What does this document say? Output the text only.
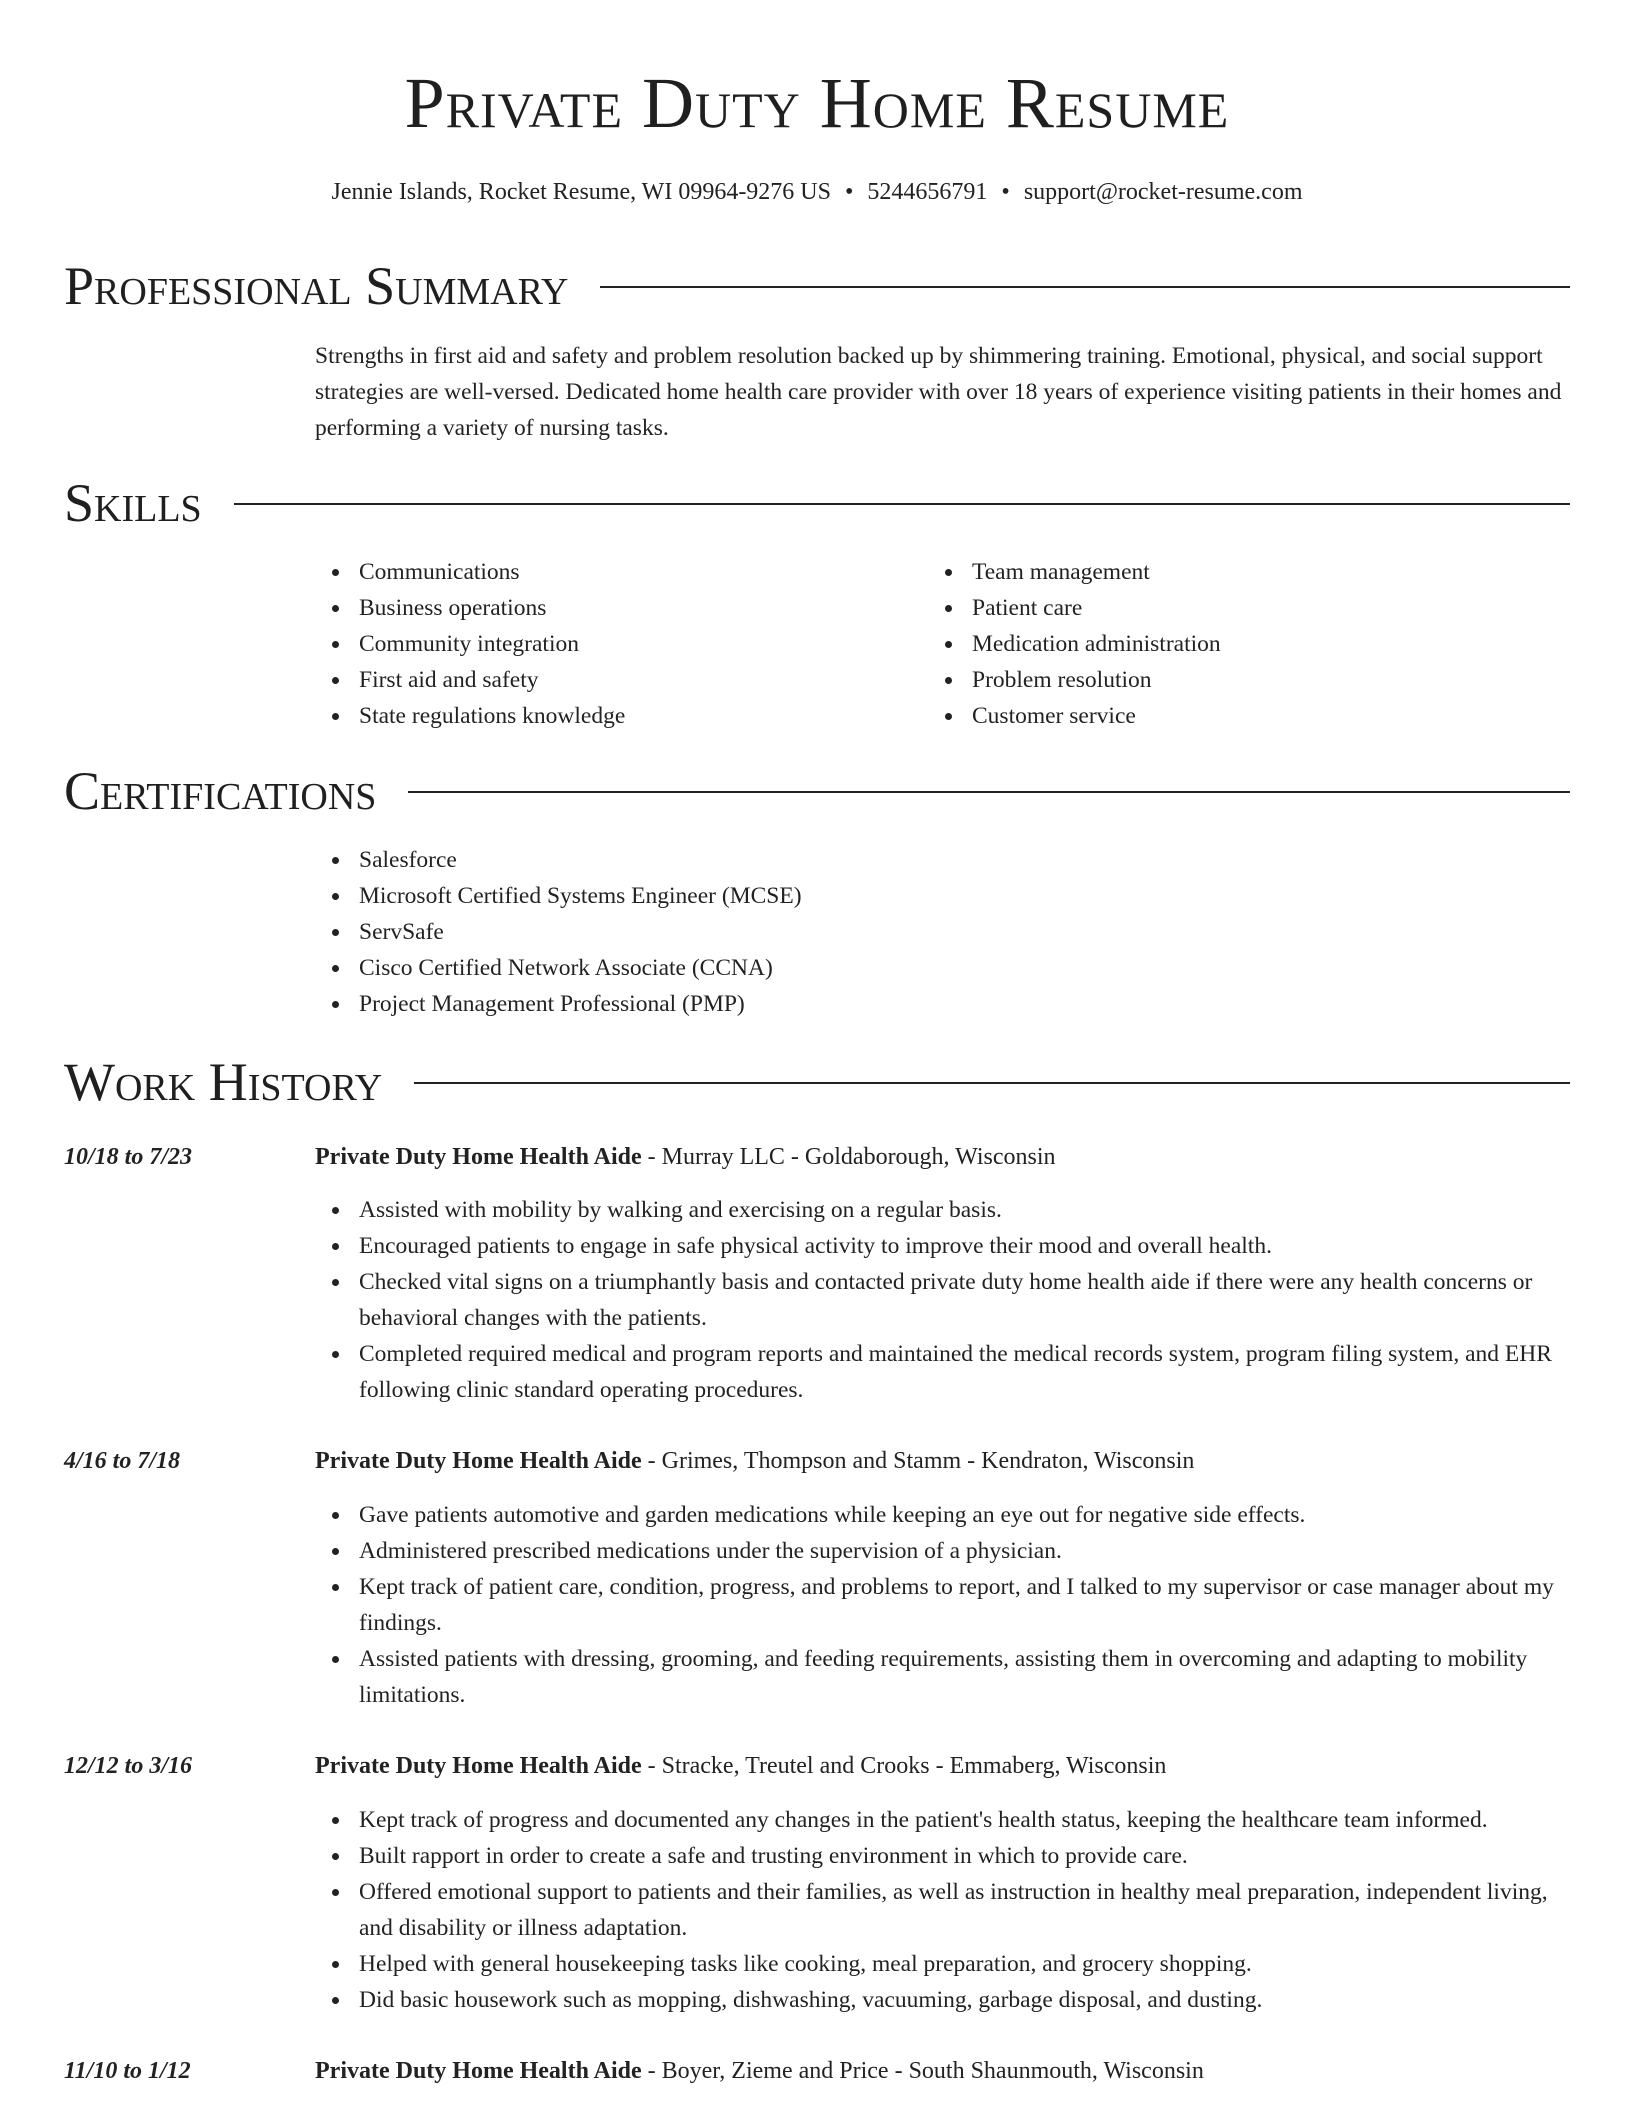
Private Duty Home Resume
Jennie Islands, Rocket Resume, WI 09964-9276 US • 5244656791 • support@rocket-resume.com
Professional Summary
Strengths in first aid and safety and problem resolution backed up by shimmering training. Emotional, physical, and social support strategies are well-versed. Dedicated home health care provider with over 18 years of experience visiting patients in their homes and performing a variety of nursing tasks.
Skills
Communications
Business operations
Community integration
First aid and safety
State regulations knowledge
Team management
Patient care
Medication administration
Problem resolution
Customer service
Certifications
Salesforce
Microsoft Certified Systems Engineer (MCSE)
ServSafe
Cisco Certified Network Associate (CCNA)
Project Management Professional (PMP)
Work History
10/18 to 7/23	Private Duty Home Health Aide - Murray LLC - Goldaborough, Wisconsin
Assisted with mobility by walking and exercising on a regular basis.
Encouraged patients to engage in safe physical activity to improve their mood and overall health.
Checked vital signs on a triumphantly basis and contacted private duty home health aide if there were any health concerns or behavioral changes with the patients.
Completed required medical and program reports and maintained the medical records system, program filing system, and EHR following clinic standard operating procedures.
4/16 to 7/18	Private Duty Home Health Aide - Grimes, Thompson and Stamm - Kendraton, Wisconsin
Gave patients automotive and garden medications while keeping an eye out for negative side effects.
Administered prescribed medications under the supervision of a physician.
Kept track of patient care, condition, progress, and problems to report, and I talked to my supervisor or case manager about my findings.
Assisted patients with dressing, grooming, and feeding requirements, assisting them in overcoming and adapting to mobility limitations.
12/12 to 3/16	Private Duty Home Health Aide - Stracke, Treutel and Crooks - Emmaberg, Wisconsin
Kept track of progress and documented any changes in the patient's health status, keeping the healthcare team informed.
Built rapport in order to create a safe and trusting environment in which to provide care.
Offered emotional support to patients and their families, as well as instruction in healthy meal preparation, independent living, and disability or illness adaptation.
Helped with general housekeeping tasks like cooking, meal preparation, and grocery shopping.
Did basic housework such as mopping, dishwashing, vacuuming, garbage disposal, and dusting.
11/10 to 1/12	Private Duty Home Health Aide - Boyer, Zieme and Price - South Shaunmouth, Wisconsin
